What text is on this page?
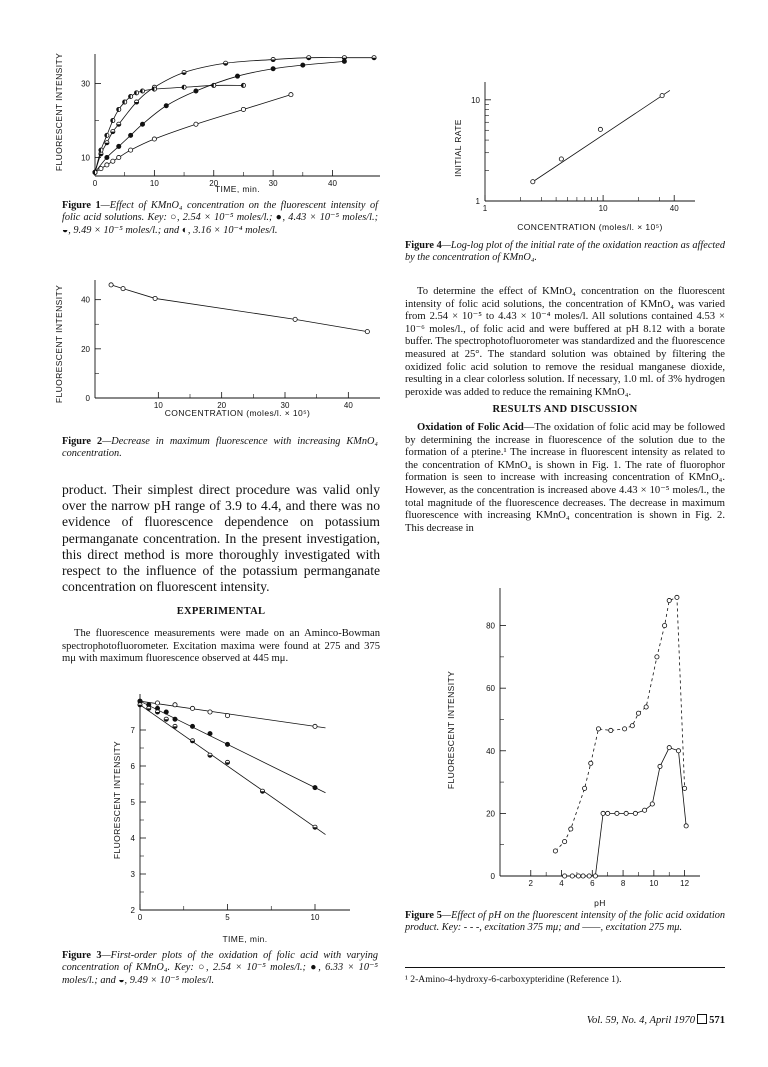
10
30
0	10	20	30	40
TIME, min.
FLUORESCENT INTENSITY
Figure 1—Effect of KMnO₄ concentration on the fluorescent intensity of folic acid solutions. Key: ○, 2.54 × 10⁻⁵ moles/l.; ●, 4.43 × 10⁻⁵ moles/l.; ◒, 9.49 × 10⁻⁵ moles/l.; and ◐, 3.16 × 10⁻⁴ moles/l.
0
20
40
10	20	30	40
CONCENTRATION (moles/l. × 10⁵)
FLUORESCENT INTENSITY
Figure 2—Decrease in maximum fluorescence with increasing KMnO₄ concentration.
product. Their simplest direct procedure was valid only over the narrow pH range of 3.9 to 4.4, and there was no evidence of fluorescence dependence on potassium permanganate concentration. In the present investigation, this direct method is more thoroughly investigated with respect to the influence of the potassium permanganate concentration on fluorescent intensity.
EXPERIMENTAL

The fluorescence measurements were made on an Aminco-Bowman spectrophotofluorometer. Excitation maxima were found at 275 and 375 mμ with maximum fluorescence observed at 445 mμ.

2
3
4
5
6
7
0	5	10
TIME, min.
FLUORESCENT INTENSITY
Figure 3—First-order plots of the oxidation of folic acid with varying concentration of KMnO₄. Key: ○, 2.54 × 10⁻⁵ moles/l.; ●, 6.33 × 10⁻⁵ moles/l.; and ◒, 9.49 × 10⁻⁵ moles/l.
1
10
1	10	40
CONCENTRATION (moles/l. × 10⁵)
INITIAL RATE
Figure 4—Log-log plot of the initial rate of the oxidation reaction as affected by the concentration of KMnO₄.

To determine the effect of KMnO₄ concentration on the fluorescent intensity of folic acid solutions, the concentration of KMnO₄ was varied from 2.54 × 10⁻⁵ to 4.43 × 10⁻⁴ moles/l. All solutions contained 4.53 × 10⁻⁶ moles/l., of folic acid and were buffered at pH 8.12 with a borate buffer. The spectrophotofluorometer was standardized and the fluorescence measured at 25°. The standard solution was obtained by filtering the oxidized folic acid solution to remove the residual manganese dioxide, resulting in a clear colorless solution. If necessary, 1.0 ml. of 3% hydrogen peroxide was added to reduce the remaining KMnO₄.

RESULTS AND DISCUSSION

Oxidation of Folic Acid—The oxidation of folic acid may be followed by determining the increase in fluorescence of the solution due to the formation of a pterine.¹ The increase in fluorescent intensity as related to the concentration of KMnO₄ is shown in Fig. 1. The rate of fluorophor formation is seen to increase with increasing concentration of KMnO₄. However, as the concentration is increased above 4.43 × 10⁻⁵ moles/l., the total magnitude of the fluorescence decreases. The decrease in maximum fluorescence with increasing KMnO₄ concentration is shown in Fig. 2. This decrease in

0
20
40
60
80
2	4	6	8	10	12
pH
FLUORESCENT INTENSITY
Figure 5—Effect of pH on the fluorescent intensity of the folic acid oxidation product. Key: - - -, excitation 375 mμ; and ——, excitation 275 mμ.
¹ 2-Amino-4-hydroxy-6-carboxypteridine (Reference 1).
Vol. 59, No. 4, April 1970 571
